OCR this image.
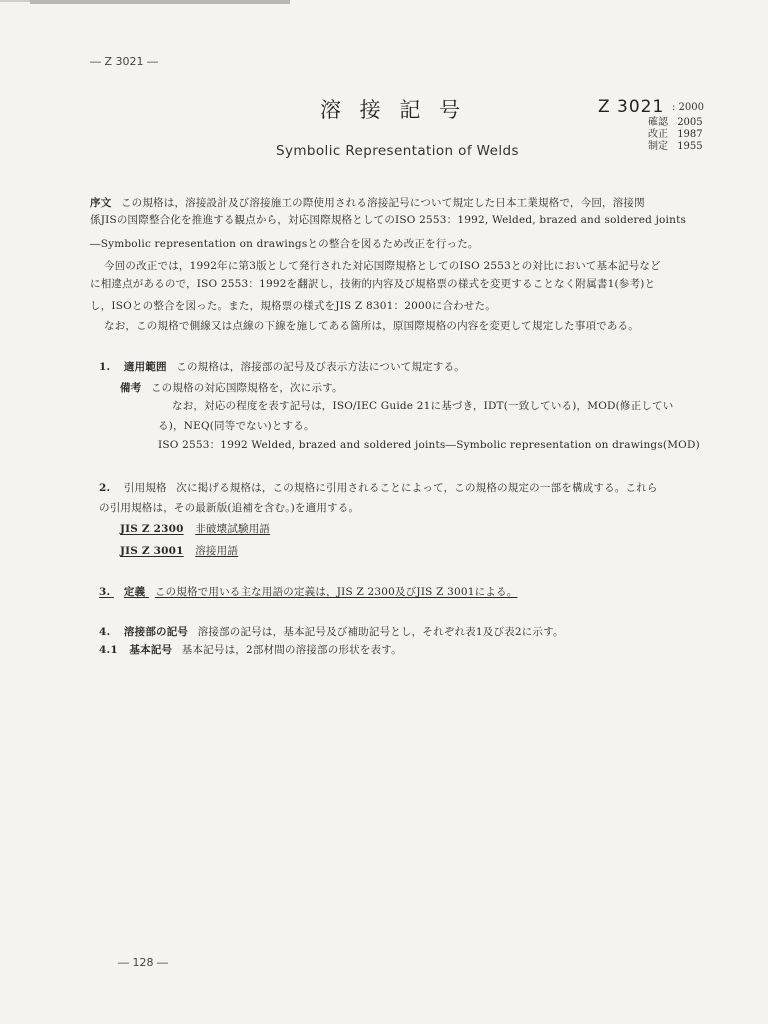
― Z 3021 ―
溶 接 記 号
Symbolic Representation of Welds
Z 3021 : 2000
確認 2005
改正 1987
制定 1955
序文 この規格は，溶接設計及び溶接施工の際使用される溶接記号について規定した日本工業規格で，今回，溶接関
係JISの国際整合化を推進する観点から，対応国際規格としてのISO 2553：1992, Welded, brazed and soldered joints
―Symbolic representation on drawingsとの整合を図るため改正を行った。
今回の改正では，1992年に第3版として発行された対応国際規格としてのISO 2553との対比において基本記号など
に相違点があるので，ISO 2553：1992を翻訳し，技術的内容及び規格票の様式を変更することなく附属書1(参考)と
し，ISOとの整合を図った。また，規格票の様式をJIS Z 8301：2000に合わせた。
なお，この規格で側線又は点線の下線を施してある箇所は，原国際規格の内容を変更して規定した事項である。
1. 適用範囲 この規格は，溶接部の記号及び表示方法について規定する。
備考 この規格の対応国際規格を，次に示す。
なお，対応の程度を表す記号は，ISO/IEC Guide 21に基づき，IDT(一致している)，MOD(修正してい
る)，NEQ(同等でない)とする。
ISO 2553：1992 Welded, brazed and soldered joints―Symbolic representation on drawings(MOD)
2. 引用規格 次に掲げる規格は，この規格に引用されることによって，この規格の規定の一部を構成する。これら
の引用規格は，その最新版(追補を含む。)を適用する。
JIS Z 2300 非破壊試験用語
JIS Z 3001 溶接用語
3. 定義 この規格で用いる主な用語の定義は，JIS Z 2300及びJIS Z 3001による。
4. 溶接部の記号 溶接部の記号は，基本記号及び補助記号とし，それぞれ表1及び表2に示す。
4.1 基本記号 基本記号は，2部材間の溶接部の形状を表す。
― 128 ―
